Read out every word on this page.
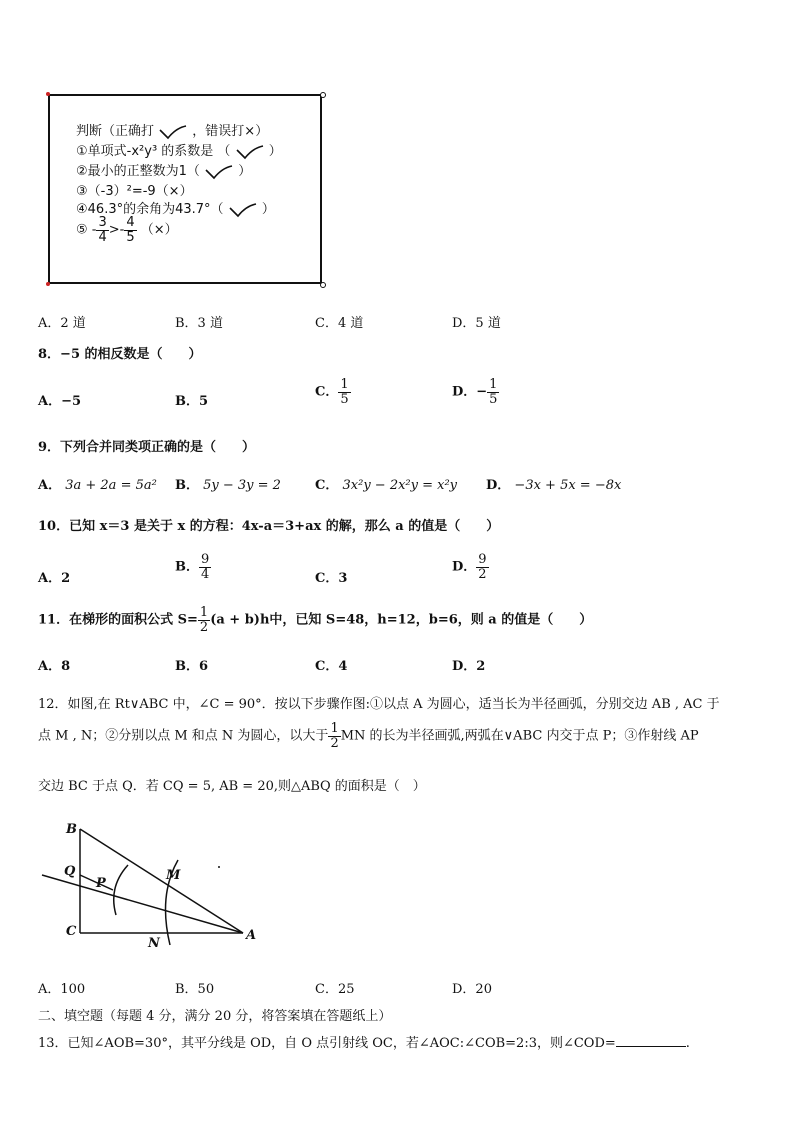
判断（正确打	，错误打×）
①单项式-x²y³ 的系数是 （	）
②最小的正整数为1（	）
③（-3）²=-9（×）
④46.3°的余角为43.7°（	）
⑤ - $\frac{3}{4} >- \frac{4}{5}$ （×）
A．2 道	B．3 道	C．4 道	D．5 道
8．−5 的相反数是（　　）
A．−5	B．5
C． $\frac{1}{5}$	D．− $\frac{1}{5}$
9．下列合并同类项正确的是（　　）
A． 3a + 2a = 5a² B． 5y − 3y = 2	C． 3x²y − 2x²y = x²y D． −3x + 5x = −8x
10．已知 x＝3 是关于 x 的方程：4x-a＝3+ax 的解，那么 a 的值是（　　）
A．2
B． $\frac{9}{4}$	C．3
D． $\frac{9}{2}$
11．在梯形的面积公式 $S= \frac{1}{2} (a + b)h$中，已知 S=48，h=12，b=6，则 a 的值是（　　）
A．8	B．6	C．4	D．2
12．如图,在 Rt∨ABC 中，∠C = 90°．按以下步骤作图:①以点 A 为圆心，适当长为半径画弧，分别交边 AB , AC 于
点 M , N；②分别以点 M 和点 N 为圆心，以大于 $\frac{1}{2}$ MN 的长为半径画弧,两弧在∨ABC 内交于点 P；③作射线 AP
交边 BC 于点 Q．若 CQ = 5, AB = 20,则△ABQ 的面积是（　）
B
Q
P
M
C
N
A
A．100	B．50	C．25	D．20
二、填空题（每题 4 分，满分 20 分，将答案填在答题纸上）
13．已知∠AOB=30°，其平分线是 OD，自 O 点引射线 OC，若∠AOC:∠COB=2:3，则∠COD=	.
